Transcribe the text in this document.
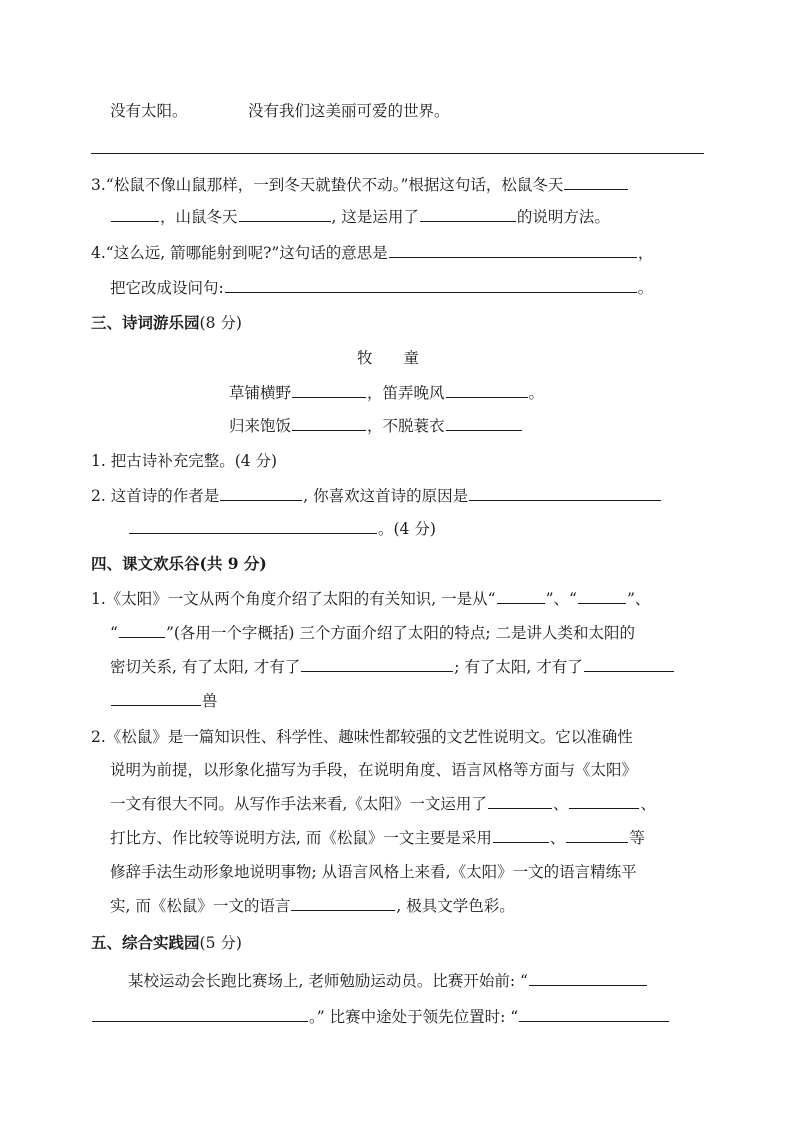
没有太阳。	没有我们这美丽可爱的世界。
3.“松鼠不像山鼠那样，一到冬天就蛰伏不动。”根据这句话，松鼠冬天
，山鼠冬天	, 这是运用了	的说明方法。
4.“这么远, 箭哪能射到呢?”这句话的意思是	，
把它改成设问句:	。
三、诗词游乐园(8 分)
牧　　童
草铺横野	，笛弄晚风	。
归来饱饭	，不脱蓑衣
1. 把古诗补充完整。(4 分)
2. 这首诗的作者是	, 你喜欢这首诗的原因是
。(4 分)
四、课文欢乐谷(共 9 分)
1.《太阳》一文从两个角度介绍了太阳的有关知识, 一是从“	”、“	”、
“	”(各用一个字概括) 三个方面介绍了太阳的特点; 二是讲人类和太阳的
密切关系, 有了太阳, 才有了	; 有了太阳, 才有了
兽
2.《松鼠》是一篇知识性、科学性、趣味性都较强的文艺性说明文。它以准确性
说明为前提，以形象化描写为手段，在说明角度、语言风格等方面与《太阳》
一文有很大不同。从写作手法来看,《太阳》一文运用了	、	、
打比方、作比较等说明方法, 而《松鼠》一文主要是采用	、	等
修辞手法生动形象地说明事物; 从语言风格上来看,《太阳》一文的语言精练平
实, 而《松鼠》一文的语言	, 极具文学色彩。
五、综合实践园(5 分)
某校运动会长跑比赛场上, 老师勉励运动员。比赛开始前: “
。” 比赛中途处于领先位置时: “
